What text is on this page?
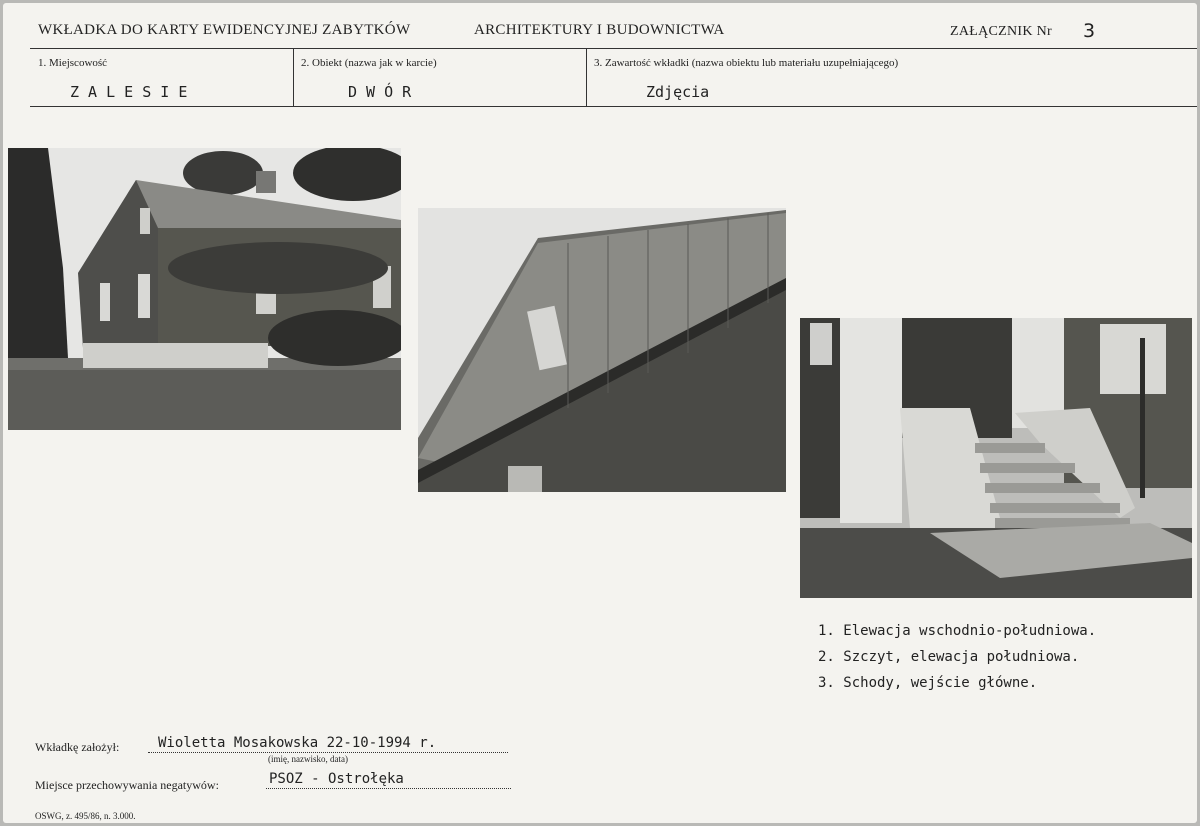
WKŁADKA DO KARTY EWIDENCYJNEJ ZABYTKÓW	ARCHITEKTURY I BUDOWNICTWA	ZAŁĄCZNIK Nr 3
1. Miejscowość
Z A L E S I E
2. Obiekt (nazwa jak w karcie)
D W Ó R
3. Zawartość wkładki (nazwa obiektu lub materiału uzupełniającego)
Zdjęcia
1. Elewacja wschodnio-południowa.
2. Szczyt, elewacja południowa.
3. Schody, wejście główne.
Wkładkę założył:	Wioletta Mosakowska 22-10-1994 r.
(imię, nazwisko, data)
Miejsce przechowywania negatywów:	PSOZ - Ostrołęka
OSWG, z. 495/86, n. 3.000.
